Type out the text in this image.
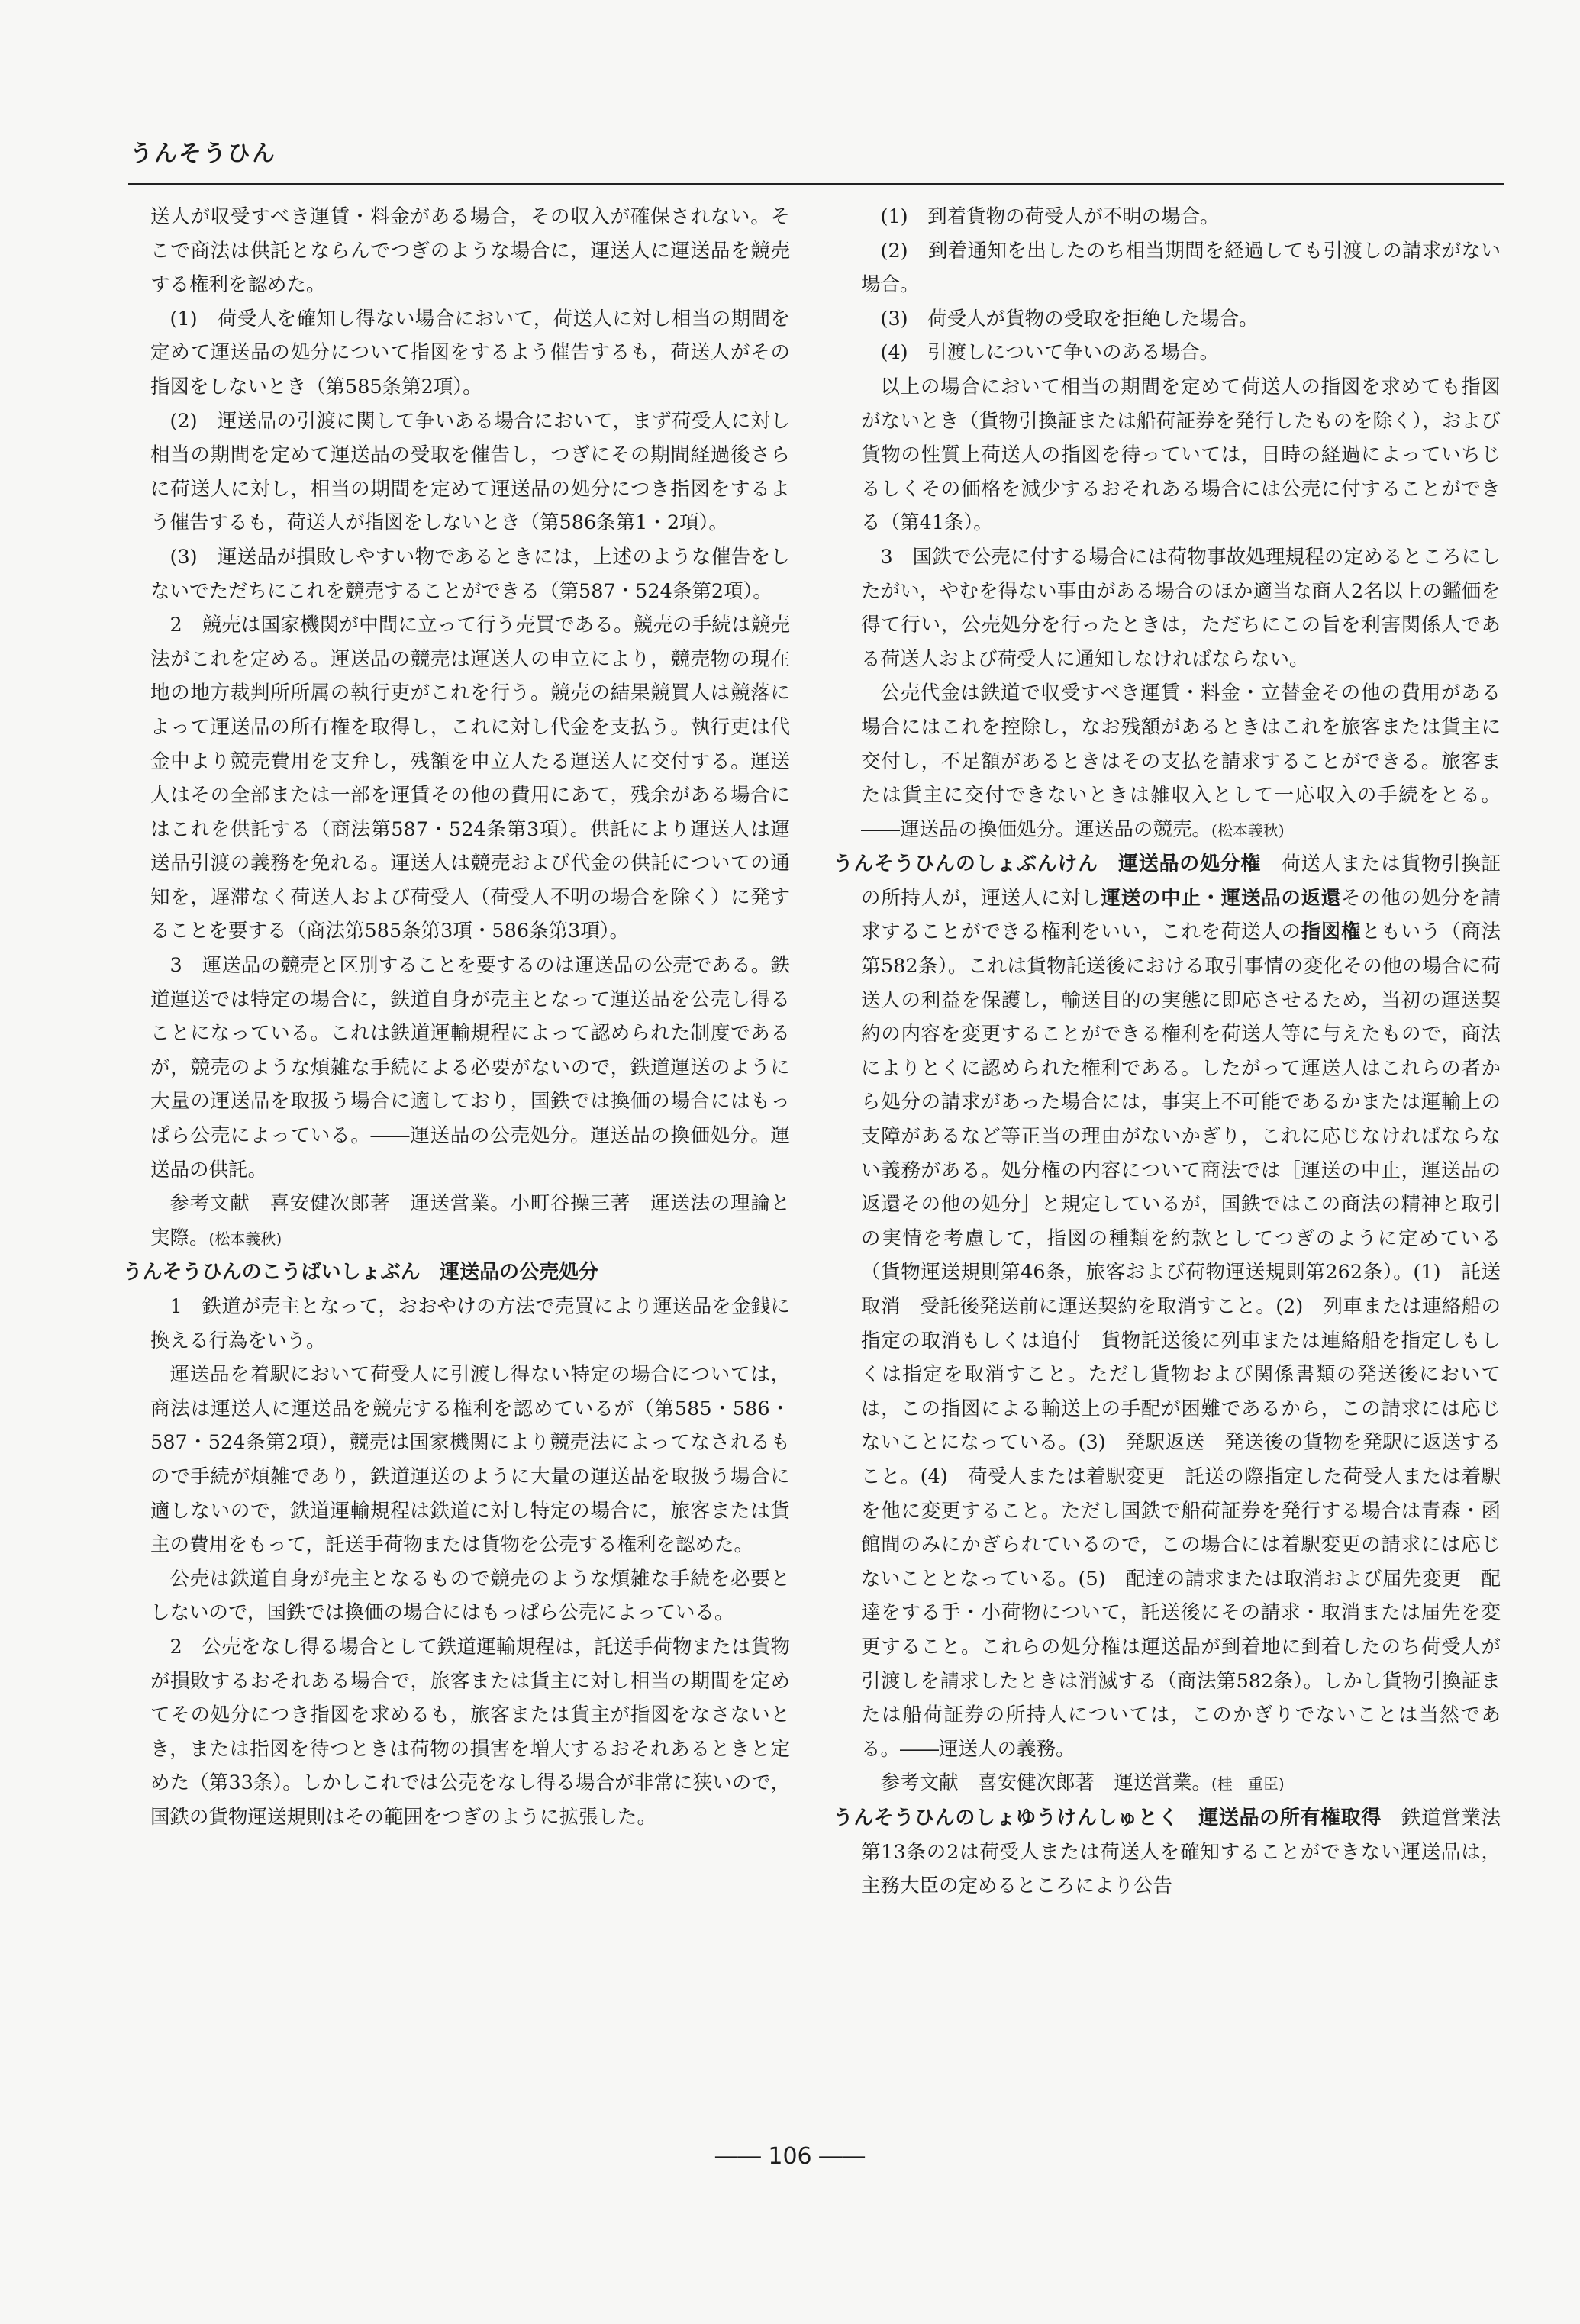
うんそうひん

送人が収受すべき運賃・料金がある場合，その収入が確保されない。そこで商法は供託とならんでつぎのような場合に，運送人に運送品を競売する権利を認めた。

(1)　荷受人を確知し得ない場合において，荷送人に対し相当の期間を定めて運送品の処分について指図をするよう催告するも，荷送人がその指図をしないとき（第585条第2項）。

(2)　運送品の引渡に関して争いある場合において，まず荷受人に対し相当の期間を定めて運送品の受取を催告し，つぎにその期間経過後さらに荷送人に対し，相当の期間を定めて運送品の処分につき指図をするよう催告するも，荷送人が指図をしないとき（第586条第1・2項）。

(3)　運送品が損敗しやすい物であるときには，上述のような催告をしないでただちにこれを競売することができる（第587・524条第2項）。

2　競売は国家機関が中間に立って行う売買である。競売の手続は競売法がこれを定める。運送品の競売は運送人の申立により，競売物の現在地の地方裁判所所属の執行吏がこれを行う。競売の結果競買人は競落によって運送品の所有権を取得し，これに対し代金を支払う。執行吏は代金中より競売費用を支弁し，残額を申立人たる運送人に交付する。運送人はその全部または一部を運賃その他の費用にあて，残余がある場合にはこれを供託する（商法第587・524条第3項）。供託により運送人は運送品引渡の義務を免れる。運送人は競売および代金の供託についての通知を，遅滞なく荷送人および荷受人（荷受人不明の場合を除く）に発することを要する（商法第585条第3項・586条第3項）。

3　運送品の競売と区別することを要するのは運送品の公売である。鉄道運送では特定の場合に，鉄道自身が売主となって運送品を公売し得ることになっている。これは鉄道運輸規程によって認められた制度であるが，競売のような煩雑な手続によ​る必要がないので，鉄道運送のように大量の運送品を取扱う場合に適しており，国鉄では換価の場合にはもっぱら公売によっている。――運送品の公売処分。運送品の換価処分。運送品の供託。

参考文献　喜安健次郎著　運送営業。小町谷操三著　運送法の理論と実際。(松本義秋)

うんそうひんのこうばいしょぶん　 運送品の公売処分

1　鉄道が売主となって，おおやけの方法で売買により運送品を金銭に換える行為をいう。

運送品を着駅において荷受人に引渡し得ない特定の場合については，商法は運送人に運送品を競売する権利を認めているが（第585・586・587・524条第2項），競売は国家機関により競売法によってなされるもので手続が煩雑であり，鉄道運送のように大量の運送品を取扱う場合に適しないので，鉄道運輸規程は鉄道に対し特定の場合に，旅客または貨主の費用をもって，託送手荷物または貨物を公売する権利を認めた。

公売は鉄道自身が売主となるもので競売のような煩雑な手続を必要としないので，国鉄では換価の場合にはもっぱら公売によっている。

2　公売をなし得る場合として鉄道運輸規程は，託送手荷物または貨物が損敗するおそれある場合で，旅客または貨主に対し相当の期間を定めてその処分につき指図を求めるも，旅客または貨主が指図をなさないとき，または指図を待つときは荷物の損害を増大するおそれあるときと定めた（第33条）。しかしこれでは公売をなし得る場合が非常に狭いので，国鉄の貨物運送規則はその範囲をつぎのように拡張した。

(1)　到着貨物の荷受人が不明の場合。

(2)　到着通知を出したのち相当期間を経過しても引渡しの請求がない場合。

(3)　荷受人が貨物の受取を拒絶した場合。

(4)　引渡しについて争いのある場合。

以上の場合において相当の期間を定めて荷送人の指図を求めても指図がないとき（貨物引換証または船荷証券を発行したものを除く），および貨物の性質上荷送人の指図を待っていては，日時の経過によっていちじるしくその価格を減少するおそれある場合には公売に付することができる（第41条）。

3　国鉄で公売に付する場合には荷物事故処理規程の定めるところにしたがい，やむを得ない事由がある場合のほか適当な商人2名以上の鑑価を得て行い，公売処分を行ったときは，ただちにこの旨を利害関係人である荷送人および荷受人に通知しなければならない。

公売代金は鉄道で収受すべき運賃・料金・立替金その他の費用がある場合にはこれを控除し，なお残額があるときはこれを旅客または貨主に交付し，不足額があるときはその支払を請求することができる。旅客または貨主に交付できないときは雑収入として一応収入の手続をとる。――運送品の換価処分。運送品の競売。(松本義秋)

うんそうひんのしょぶんけん　 運送品の処分権　 荷送人または貨物引換証の所持人が，運送人に対し運送の中止・運送品の返還その他の処分を請求することができる権利をいい，これを荷送人の指図権ともいう（商法第582条）。これは貨物託送後における取引事情の変化その他の場合に荷送人の利益を保護し，輸送目的の実態に即応させるため，当初の運送契約の内容を変更することができる権利を荷送人等に与えたもので，商法によりとくに認められた権利である。したがって運送人はこれらの者から処分の請求があった場合には，事実上不可能であるかまたは運輸上の支障があるなど等正当の理由がないかぎり，これに応じなければならない義務がある。処分権の内容について商法では［運送の中止，運送品の返還その他の処分］と規定しているが，国鉄ではこの商法の精神と取引の実情を考慮して，指図の種類を約款としてつぎのように定めている（貨物運送規則第46条，旅客および荷物運送規則第262条）。(1)　託送取消　受託後発送前に運送契約を取消すこと。(2)　列車または連絡船の指定の取消もしくは追付　貨物託送後に列車または連絡船を指定しもしくは指定を取消すこと。ただし貨物および関係書類の発送後においては，この指図による輸送上の手配が困難であるから，この請求には応じないことになっている。(3)　発駅返送　発送後の貨物を発駅に返送すること。(4)　荷受人または着駅変更　託送の際指定した荷受人または着駅を他に変更すること。ただし国鉄で船荷証券を発行する場合は青森・函館間のみにかぎられているので，この場合には着駅変更の請求には応じないこととなっている。(5)　配達の請求または取消および届先変更　配達をする手・小荷物について，託送後にその請求・取消または届先を変更すること。これらの処分権は運送品が到着地に到着したのち荷受人が引渡しを請求したときは消滅する（商法第582条）。しかし貨物引換証または船荷証券の所持人については，このかぎりでないことは当然である。――運送人の義務。

参考文献　喜安健次郎著　運送営業。(桂　重臣)

うんそうひんのしょゆうけんしゅとく　 運送品の所有権取得　 鉄道営業法第13条の2は荷受人または荷送人を確知することができない運送品は，主務大臣の定めるところにより公告

―― 106 ――
